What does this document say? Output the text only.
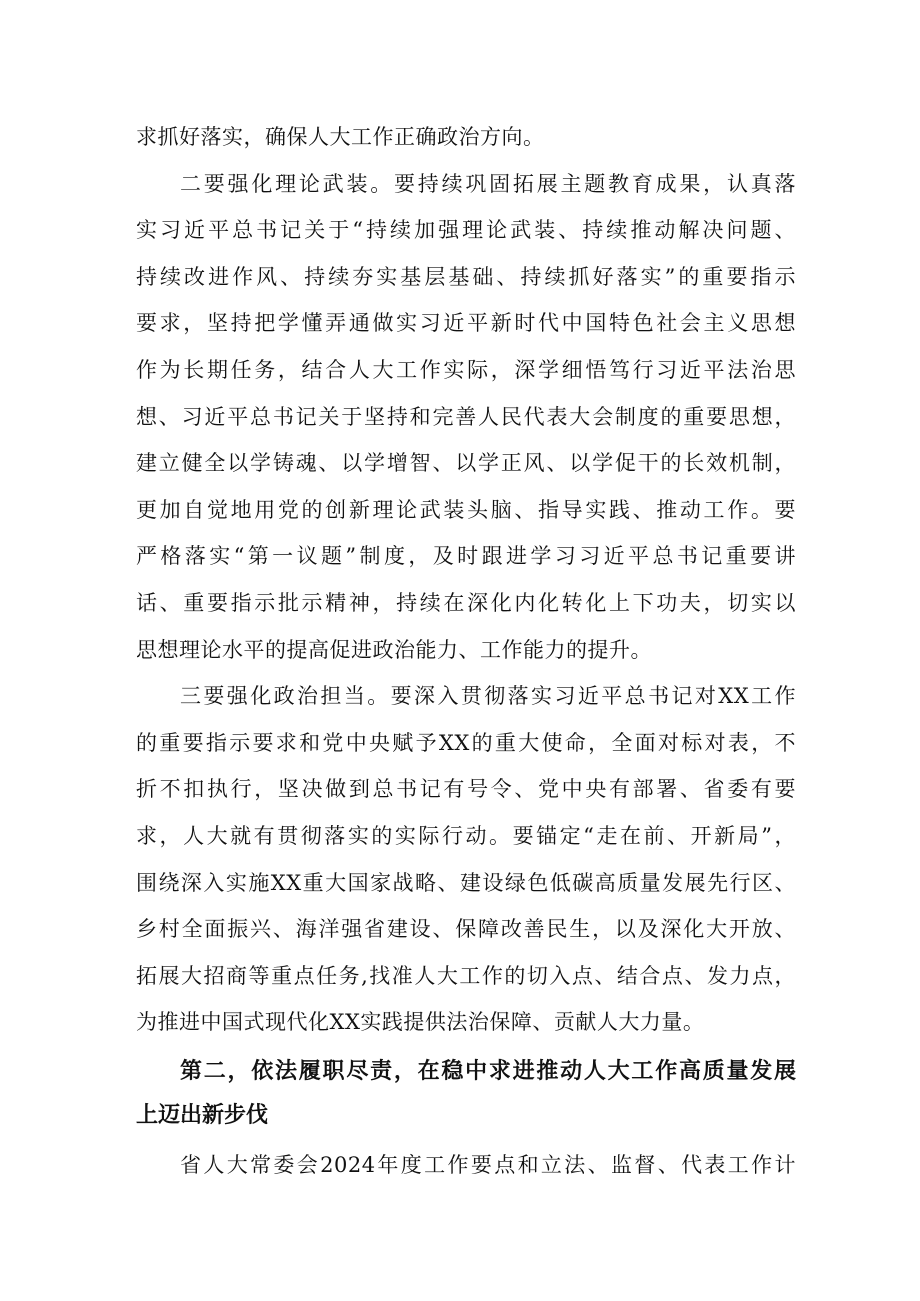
求抓好落实，确保人大工作正确政治方向。
二要强化理论武装。要持续巩固拓展主题教育成果，认真落
实习近平总书记关于“持续加强理论武装、持续推动解决问题、
持续改进作风、持续夯实基层基础、持续抓好落实”的重要指示
要求，坚持把学懂弄通做实习近平新时代中国特色社会主义思想
作为长期任务，结合人大工作实际，深学细悟笃行习近平法治思
想、习近平总书记关于坚持和完善人民代表大会制度的重要思想，
建立健全以学铸魂、以学增智、以学正风、以学促干的长效机制，
更加自觉地用党的创新理论武装头脑、指导实践、推动工作。要
严格落实“第一议题”制度，及时跟进学习习近平总书记重要讲
话、重要指示批示精神，持续在深化内化转化上下功夫，切实以
思想理论水平的提高促进政治能力、工作能力的提升。
三要强化政治担当。要深入贯彻落实习近平总书记对XX工作
的重要指示要求和党中央赋予XX的重大使命，全面对标对表，不
折不扣执行，坚决做到总书记有号令、党中央有部署、省委有要
求，人大就有贯彻落实的实际行动。要锚定“走在前、开新局”，
围绕深入实施XX重大国家战略、建设绿色低碳高质量发展先行区、
乡村全面振兴、海洋强省建设、保障改善民生，以及深化大开放、
拓展大招商等重点任务,找准人大工作的切入点、结合点、发力点，
为推进中国式现代化XX实践提供法治保障、贡献人大力量。
第二，依法履职尽责，在稳中求进推动人大工作高质量发展
上迈出新步伐
省人大常委会2024年度工作要点和立法、监督、代表工作计
